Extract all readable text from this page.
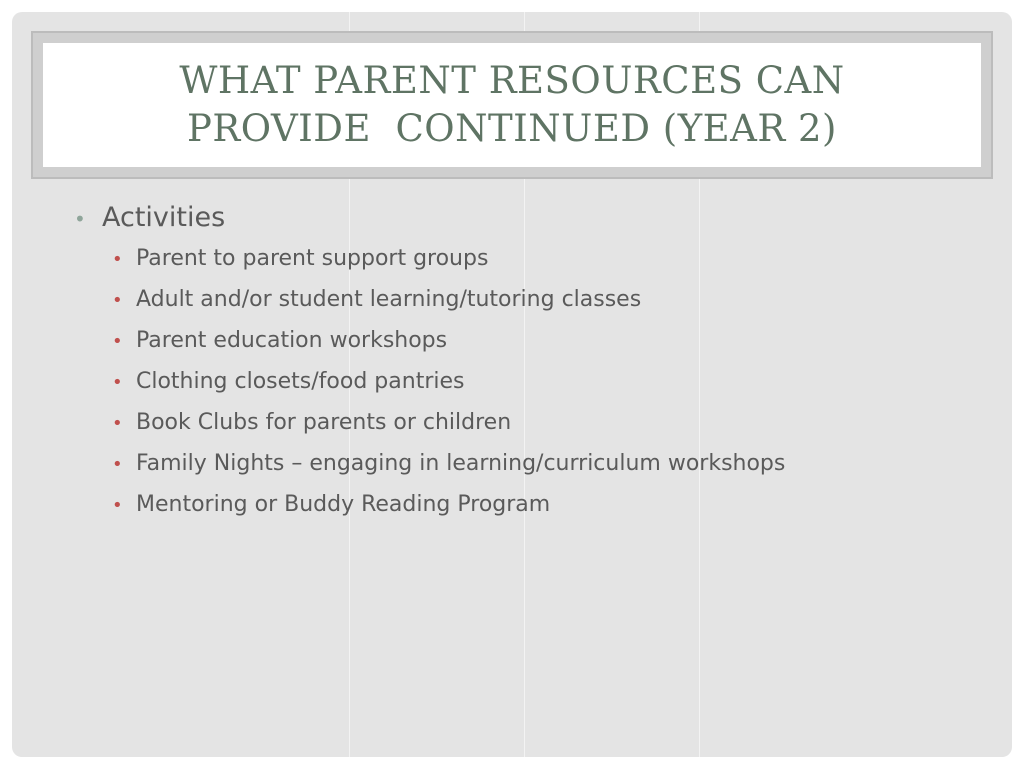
WHAT PARENT RESOURCES CAN
PROVIDE  CONTINUED (YEAR 2)
• Activities
• Parent to parent support groups
• Adult and/or student learning/tutoring classes
• Parent education workshops
• Clothing closets/food pantries
• Book Clubs for parents or children
• Family Nights – engaging in learning/curriculum workshops
• Mentoring or Buddy Reading Program
